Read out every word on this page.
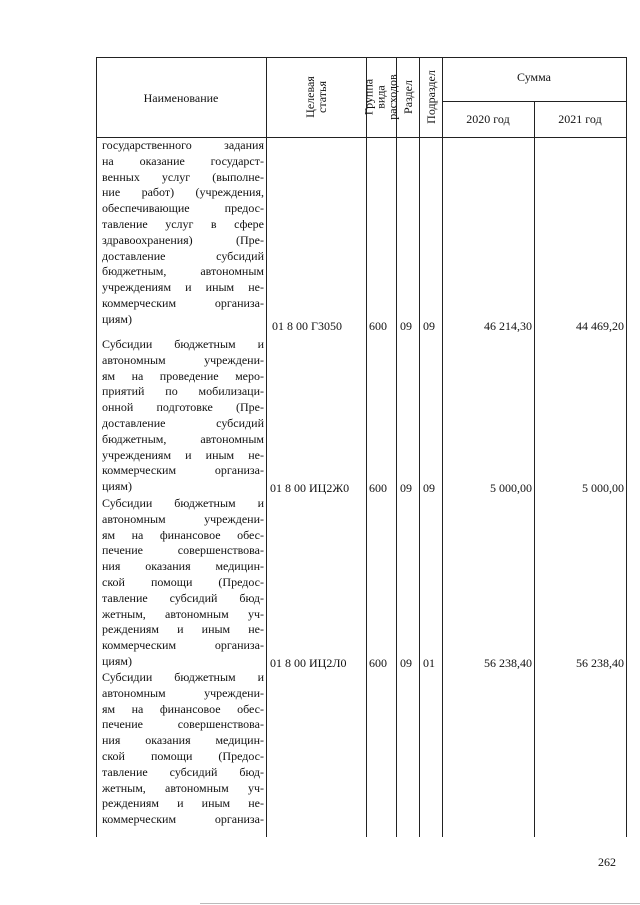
Наименование	Целевая статья	Группа вида расходов Раздел Подраздел	Сумма
2020 год	2021 год
государственного задания
на оказание государст-
венных услуг (выполне-
ние работ) (учреждения,
обеспечивающие предос-
тавление услуг в сфере
здравоохранения) (Пре-
доставление субсидий
бюджетным, автономным
учреждениям и иным не-
коммерческим организа-
циям)
01 8 00 Г3050 600 09 09	46 214,30	44 469,20
Субсидии бюджетным и
автономным учреждени-
ям на проведение меро-
приятий по мобилизаци-
онной подготовке (Пре-
доставление субсидий
бюджетным, автономным
учреждениям и иным не-
коммерческим организа-
циям)	01 8 00 ИЦ2Ж0 600 09 09	5 000,00	5 000,00
Субсидии бюджетным и
автономным учреждени-
ям на финансовое обес-
печение совершенствова-
ния оказания медицин-
ской помощи (Предос-
тавление субсидий бюд-
жетным, автономным уч-
реждениям и иным не-
коммерческим организа-
циям)	01 8 00 ИЦ2Л0 600 09 01	56 238,40	56 238,40
Субсидии бюджетным и
автономным учреждени-
ям на финансовое обес-
печение совершенствова-
ния оказания медицин-
ской помощи (Предос-
тавление субсидий бюд-
жетным, автономным уч-
реждениям и иным не-
коммерческим организа-
262
